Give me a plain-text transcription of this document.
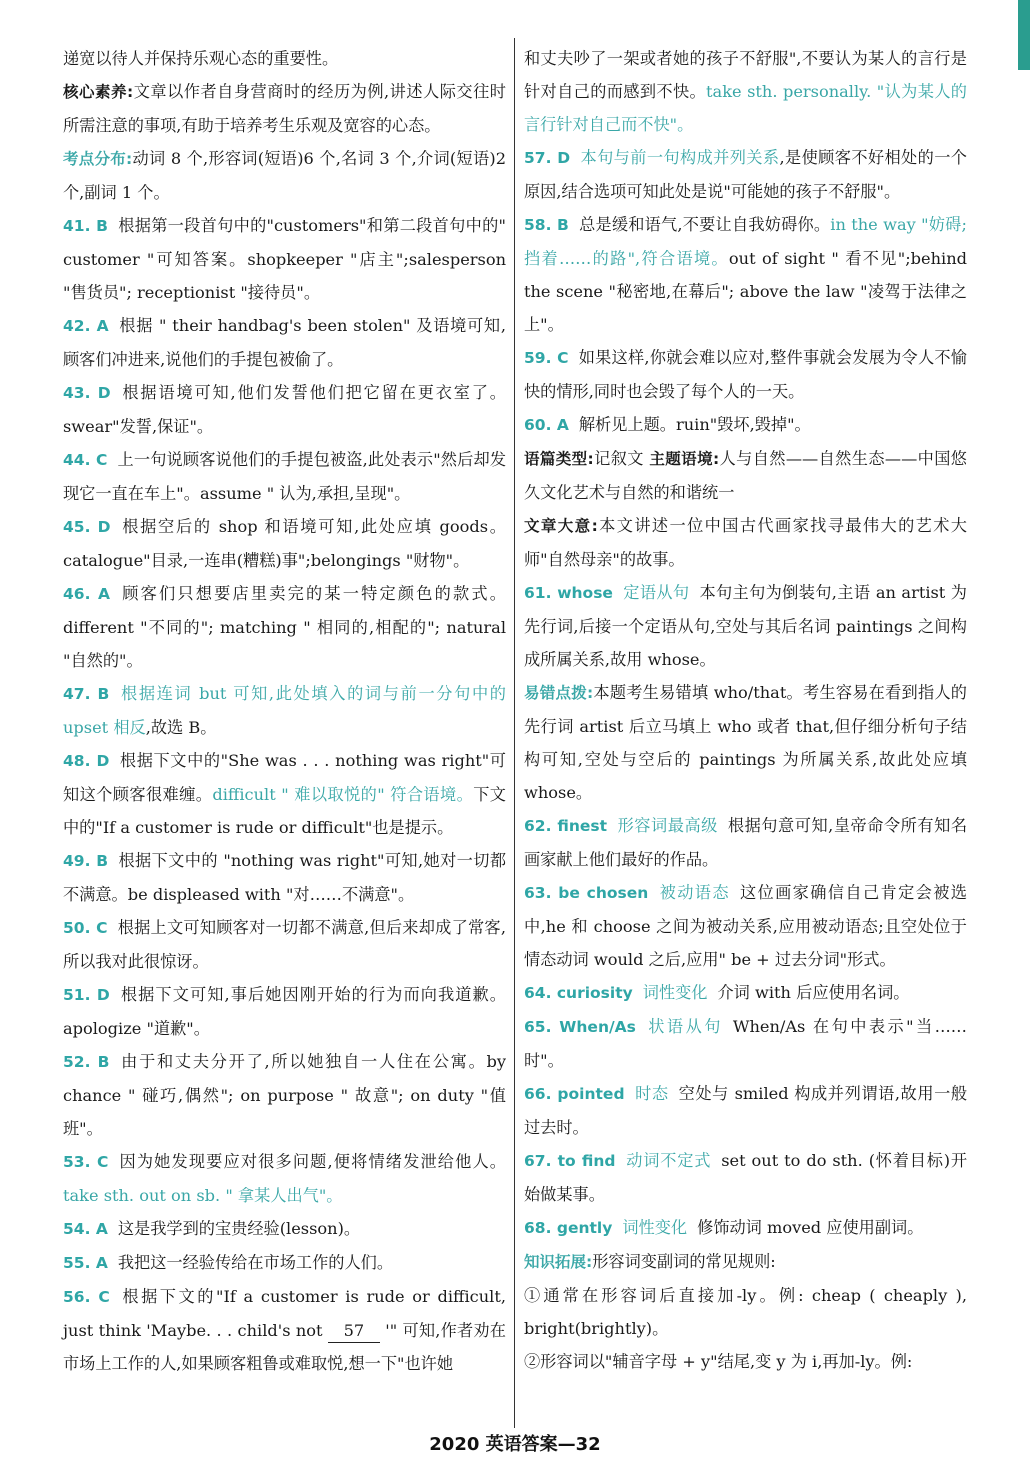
递宽以待人并保持乐观心态的重要性。

核心素养:文章以作者自身营商时的经历为例,讲述人际交往时所需注意的事项,有助于培养考生乐观及宽容的心态。

考点分布:动词 8 个,形容词(短语)6 个,名词 3 个,介词(短语)2 个,副词 1 个。

41. B 根据第一段首句中的"customers"和第二段首句中的" customer "可知答案。shopkeeper "店主";salesperson "售货员"; receptionist "接待员"。

42. A 根据 " their handbag's been stolen" 及语境可知,顾客们冲进来,说他们的手提包被偷了。

43. D 根据语境可知,他们发誓他们把它留在更衣室了。swear"发誓,保证"。

44. C 上一句说顾客说他们的手提包被盗,此处表示"然后却发现它一直在车上"。assume " 认为,承担,呈现"。

45. D 根据空后的 shop 和语境可知,此处应填 goods。catalogue"目录,一连串(糟糕)事";belongings "财物"。

46. A 顾客们只想要店里卖完的某一特定颜色的款式。different "不同的"; matching " 相同的,相配的"; natural "自然的"。

47. B 根据连词 but 可知,此处填入的词与前一分句中的 upset 相反,故选 B。

48. D 根据下文中的"She was . . . nothing was right"可知这个顾客很难缠。difficult " 难以取悦的" 符合语境。下文中的"If a customer is rude or difficult"也是提示。

49. B 根据下文中的 "nothing was right"可知,她对一切都不满意。be displeased with "对……不满意"。

50. C 根据上文可知顾客对一切都不满意,但后来却成了常客,所以我对此很惊讶。

51. D 根据下文可知,事后她因刚开始的行为而向我道歉。apologize "道歉"。

52. B 由于和丈夫分开了,所以她独自一人住在公寓。by chance " 碰巧,偶然"; on purpose " 故意"; on duty "值班"。

53. C 因为她发现要应对很多问题,便将情绪发泄给他人。take sth. out on sb. " 拿某人出气"。

54. A 这是我学到的宝贵经验(lesson)。

55. A 我把这一经验传给在市场工作的人们。

56. C 根据下文的"If a customer is rude or difficult, just think 'Maybe. . . child's not 57 '" 可知,作者劝在市场上工作的人,如果顾客粗鲁或难取悦,想一下"也许她

和丈夫吵了一架或者她的孩子不舒服",不要认为某人的言行是针对自己的而感到不快。take sth. personally. "认为某人的言行针对自己而不快"。

57. D 本句与前一句构成并列关系,是使顾客不好相处的一个原因,结合选项可知此处是说"可能她的孩子不舒服"。

58. B 总是缓和语气,不要让自我妨碍你。in the way "妨碍;挡着……的路",符合语境。out of sight " 看不见";behind the scene "秘密地,在幕后"; above the law "凌驾于法律之上"。

59. C 如果这样,你就会难以应对,整件事就会发展为令人不愉快的情形,同时也会毁了每个人的一天。

60. A 解析见上题。ruin"毁坏,毁掉"。

语篇类型:记叙文 主题语境:人与自然——自然生态——中国悠久文化艺术与自然的和谐统一

文章大意:本文讲述一位中国古代画家找寻最伟大的艺术大师"自然母亲"的故事。

61. whose 定语从句 本句主句为倒装句,主语 an artist 为先行词,后接一个定语从句,空处与其后名词 paintings 之间构成所属关系,故用 whose。

易错点拨:本题考生易错填 who/that。考生容易在看到指人的先行词 artist 后立马填上 who 或者 that,但仔细分析句子结构可知,空处与空后的 paintings 为所属关系,故此处应填 whose。

62. finest 形容词最高级 根据句意可知,皇帝命令所有知名画家献上他们最好的作品。

63. be chosen 被动语态 这位画家确信自己肯定会被选中,he 和 choose 之间为被动关系,应用被动语态;且空处位于情态动词 would 之后,应用" be + 过去分词"形式。

64. curiosity 词性变化 介词 with 后应使用名词。

65. When/As 状语从句 When/As 在句中表示"当……时"。

66. pointed 时态 空处与 smiled 构成并列谓语,故用一般过去时。

67. to find 动词不定式 set out to do sth. (怀着目标)开始做某事。

68. gently 词性变化 修饰动词 moved 应使用副词。

知识拓展:形容词变副词的常见规则:

①通常在形容词后直接加-ly。例: cheap ( cheaply ), bright(brightly)。

②形容词以"辅音字母 + y"结尾,变 y 为 i,再加-ly。例:

2020 英语答案—32
